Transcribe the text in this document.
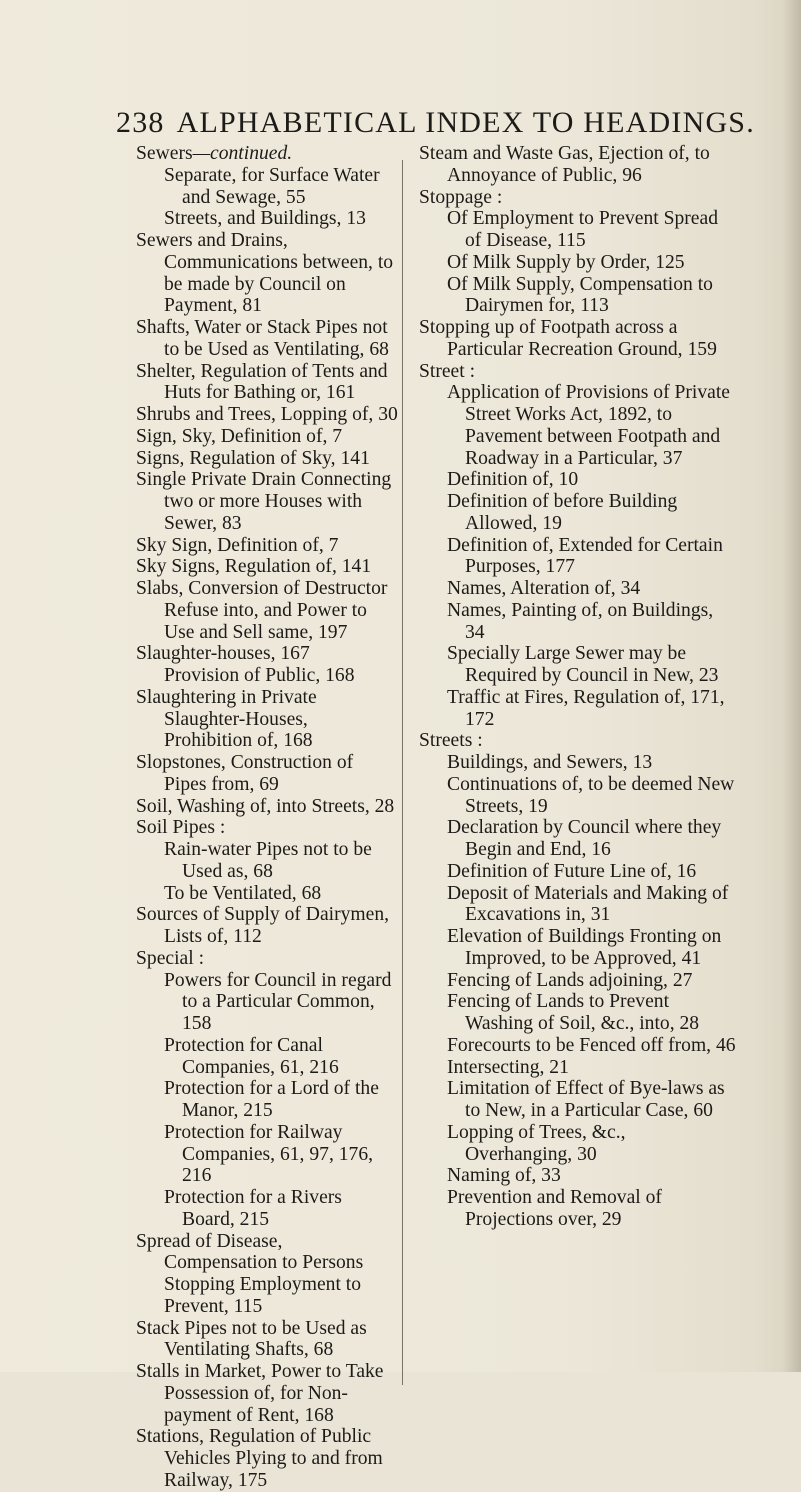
238 ALPHABETICAL INDEX TO HEADINGS.

Sewers—continued.

Separate, for Surface Water and Sewage, 55

Streets, and Buildings, 13

Sewers and Drains, Communications between, to be made by Council on Payment, 81

Shafts, Water or Stack Pipes not to be Used as Ventilating, 68

Shelter, Regulation of Tents and Huts for Bathing or, 161

Shrubs and Trees, Lopping of, 30

Sign, Sky, Definition of, 7

Signs, Regulation of Sky, 141

Single Private Drain Connecting two or more Houses with Sewer, 83

Sky Sign, Definition of, 7

Sky Signs, Regulation of, 141

Slabs, Conversion of Destructor Refuse into, and Power to Use and Sell same, 197

Slaughter-houses, 167

Provision of Public, 168

Slaughtering in Private Slaughter-Houses, Prohibition of, 168

Slopstones, Construction of Pipes from, 69

Soil, Washing of, into Streets, 28

Soil Pipes :

Rain-water Pipes not to be Used as, 68

To be Ventilated, 68

Sources of Supply of Dairymen, Lists of, 112

Special :

Powers for Council in regard to a Particular Common, 158

Protection for Canal Companies, 61, 216

Protection for a Lord of the Manor, 215

Protection for Railway Companies, 61, 97, 176, 216

Protection for a Rivers Board, 215

Spread of Disease, Compensation to Persons Stopping Employment to Prevent, 115

Stack Pipes not to be Used as Ventilating Shafts, 68

Stalls in Market, Power to Take Possession of, for Non-payment of Rent, 168

Stations, Regulation of Public Vehicles Plying to and from Railway, 175

Steam and Waste Gas, Ejection of, to Annoyance of Public, 96

Stoppage :

Of Employment to Prevent Spread of Disease, 115

Of Milk Supply by Order, 125

Of Milk Supply, Compensation to Dairymen for, 113

Stopping up of Footpath across a Particular Recreation Ground, 159

Street :

Application of Provisions of Private Street Works Act, 1892, to Pavement between Footpath and Roadway in a Particular, 37

Definition of, 10

Definition of before Building Allowed, 19

Definition of, Extended for Certain Purposes, 177

Names, Alteration of, 34

Names, Painting of, on Buildings, 34

Specially Large Sewer may be Required by Council in New, 23

Traffic at Fires, Regulation of, 171, 172

Streets :

Buildings, and Sewers, 13

Continuations of, to be deemed New Streets, 19

Declaration by Council where they Begin and End, 16

Definition of Future Line of, 16

Deposit of Materials and Making of Excavations in, 31

Elevation of Buildings Fronting on Improved, to be Approved, 41

Fencing of Lands adjoining, 27

Fencing of Lands to Prevent Washing of Soil, &c., into, 28

Forecourts to be Fenced off from, 46

Intersecting, 21

Limitation of Effect of Bye-laws as to New, in a Particular Case, 60

Lopping of Trees, &c., Overhanging, 30

Naming of, 33

Prevention and Removal of Projections over, 29
